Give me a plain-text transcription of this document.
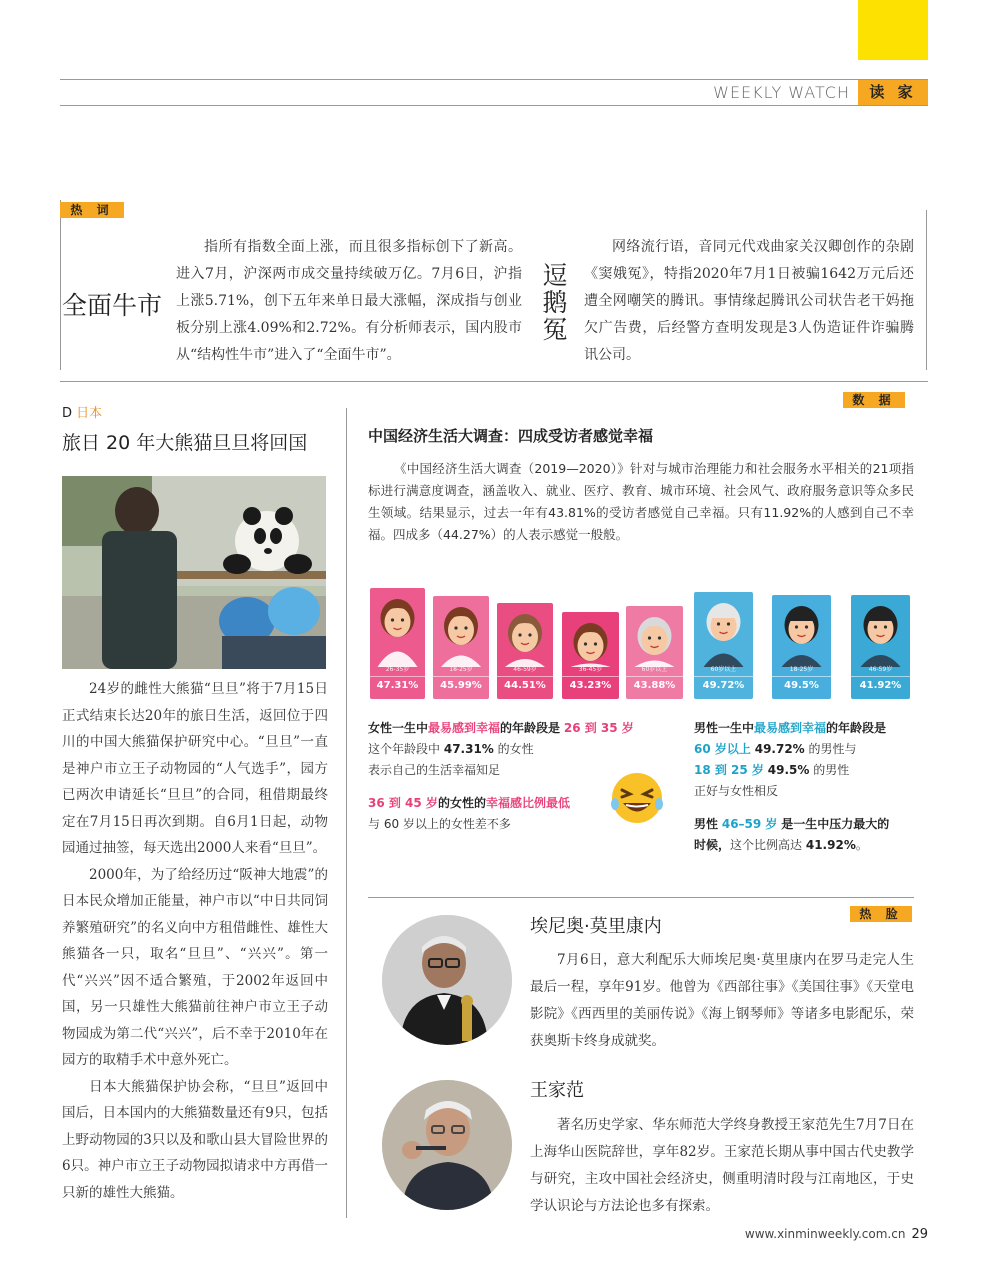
WEEKLY WATCH	读 家
热 词
全面牛市
指所有指数全面上涨，而且很多指标创下了新高。进入7月，沪深两市成交量持续破万亿。7月6日，沪指上涨5.71%，创下五年来单日最大涨幅，深成指与创业板分别上涨4.09%和2.72%。有分析师表示，国内股市从“结构性牛市”进入了“全面牛市”。
逗鹅冤
网络流行语，音同元代戏曲家关汉卿创作的杂剧《窦娥冤》，特指2020年7月1日被骗1642万元后还遭全网嘲笑的腾讯。事情缘起腾讯公司状告老干妈拖欠广告费，后经警方查明发现是3人伪造证件诈骗腾讯公司。
D 日本
旅日 20 年大熊猫旦旦将回国

24岁的雌性大熊猫“旦旦”将于7月15日正式结束长达20年的旅日生活，返回位于四川的中国大熊猫保护研究中心。“旦旦”一直是神户市立王子动物园的“人气选手”，园方已两次申请延长“旦旦”的合同，租借期最终定在7月15日再次到期。自6月1日起，动物园通过抽签，每天选出2000人来看“旦旦”。

2000年，为了给经历过“阪神大地震”的日本民众增加正能量，神户市以“中日共同饲养繁殖研究”的名义向中方租借雌性、雄性大熊猫各一只，取名“旦旦”、“兴兴”。第一代“兴兴”因不适合繁殖，于2002年返回中国，另一只雄性大熊猫前往神户市立王子动物园成为第二代“兴兴”，后不幸于2010年在园方的取精手术中意外死亡。

日本大熊猫保护协会称，“旦旦”返回中国后，日本国内的大熊猫数量还有9只，包括上野动物园的3只以及和歌山县大冒险世界的6只。神户市立王子动物园拟请求中方再借一只新的雄性大熊猫。

数 据
中国经济生活大调查：四成受访者感觉幸福
《中国经济生活大调查（2019—2020）》针对与城市治理能力和社会服务水平相关的21项指标进行满意度调查，涵盖收入、就业、医疗、教育、城市环境、社会风气、政府服务意识等众多民生领域。结果显示，过去一年有43.81%的受访者感觉自己幸福。只有11.92%的人感到自己不幸福。四成多（44.27%）的人表示感觉一般般。
26-35岁
47.31%
18-25岁
45.99%
46-59岁
44.51%
36-45岁
43.23%
60岁以上
43.88%
60岁以上
49.72%
18-25岁
49.5%
46-59岁
41.92%
女性一生中最易感到幸福的年龄段是 26 到 35 岁
这个年龄段中 47.31% 的女性
表示自己的生活幸福知足
36 到 45 岁的女性的幸福感比例最低
与 60 岁以上的女性差不多
男性一生中最易感到幸福的年龄段是
60 岁以上 49.72% 的男性与
18 到 25 岁 49.5% 的男性
正好与女性相反
男性 46–59 岁 是一生中压力最大的
时候，这个比例高达 41.92%。
热 脸
埃尼奥·莫里康内
7月6日，意大利配乐大师埃尼奥·莫里康内在罗马走完人生最后一程，享年91岁。他曾为《西部往事》《美国往事》《天堂电影院》《西西里的美丽传说》《海上钢琴师》等诸多电影配乐，荣获奥斯卡终身成就奖。
王家范
著名历史学家、华东师范大学终身教授王家范先生7月7日在上海华山医院辞世，享年82岁。王家范长期从事中国古代史教学与研究，主攻中国社会经济史，侧重明清时段与江南地区，于史学认识论与方法论也多有探索。
www.xinminweekly.com.cn 29
